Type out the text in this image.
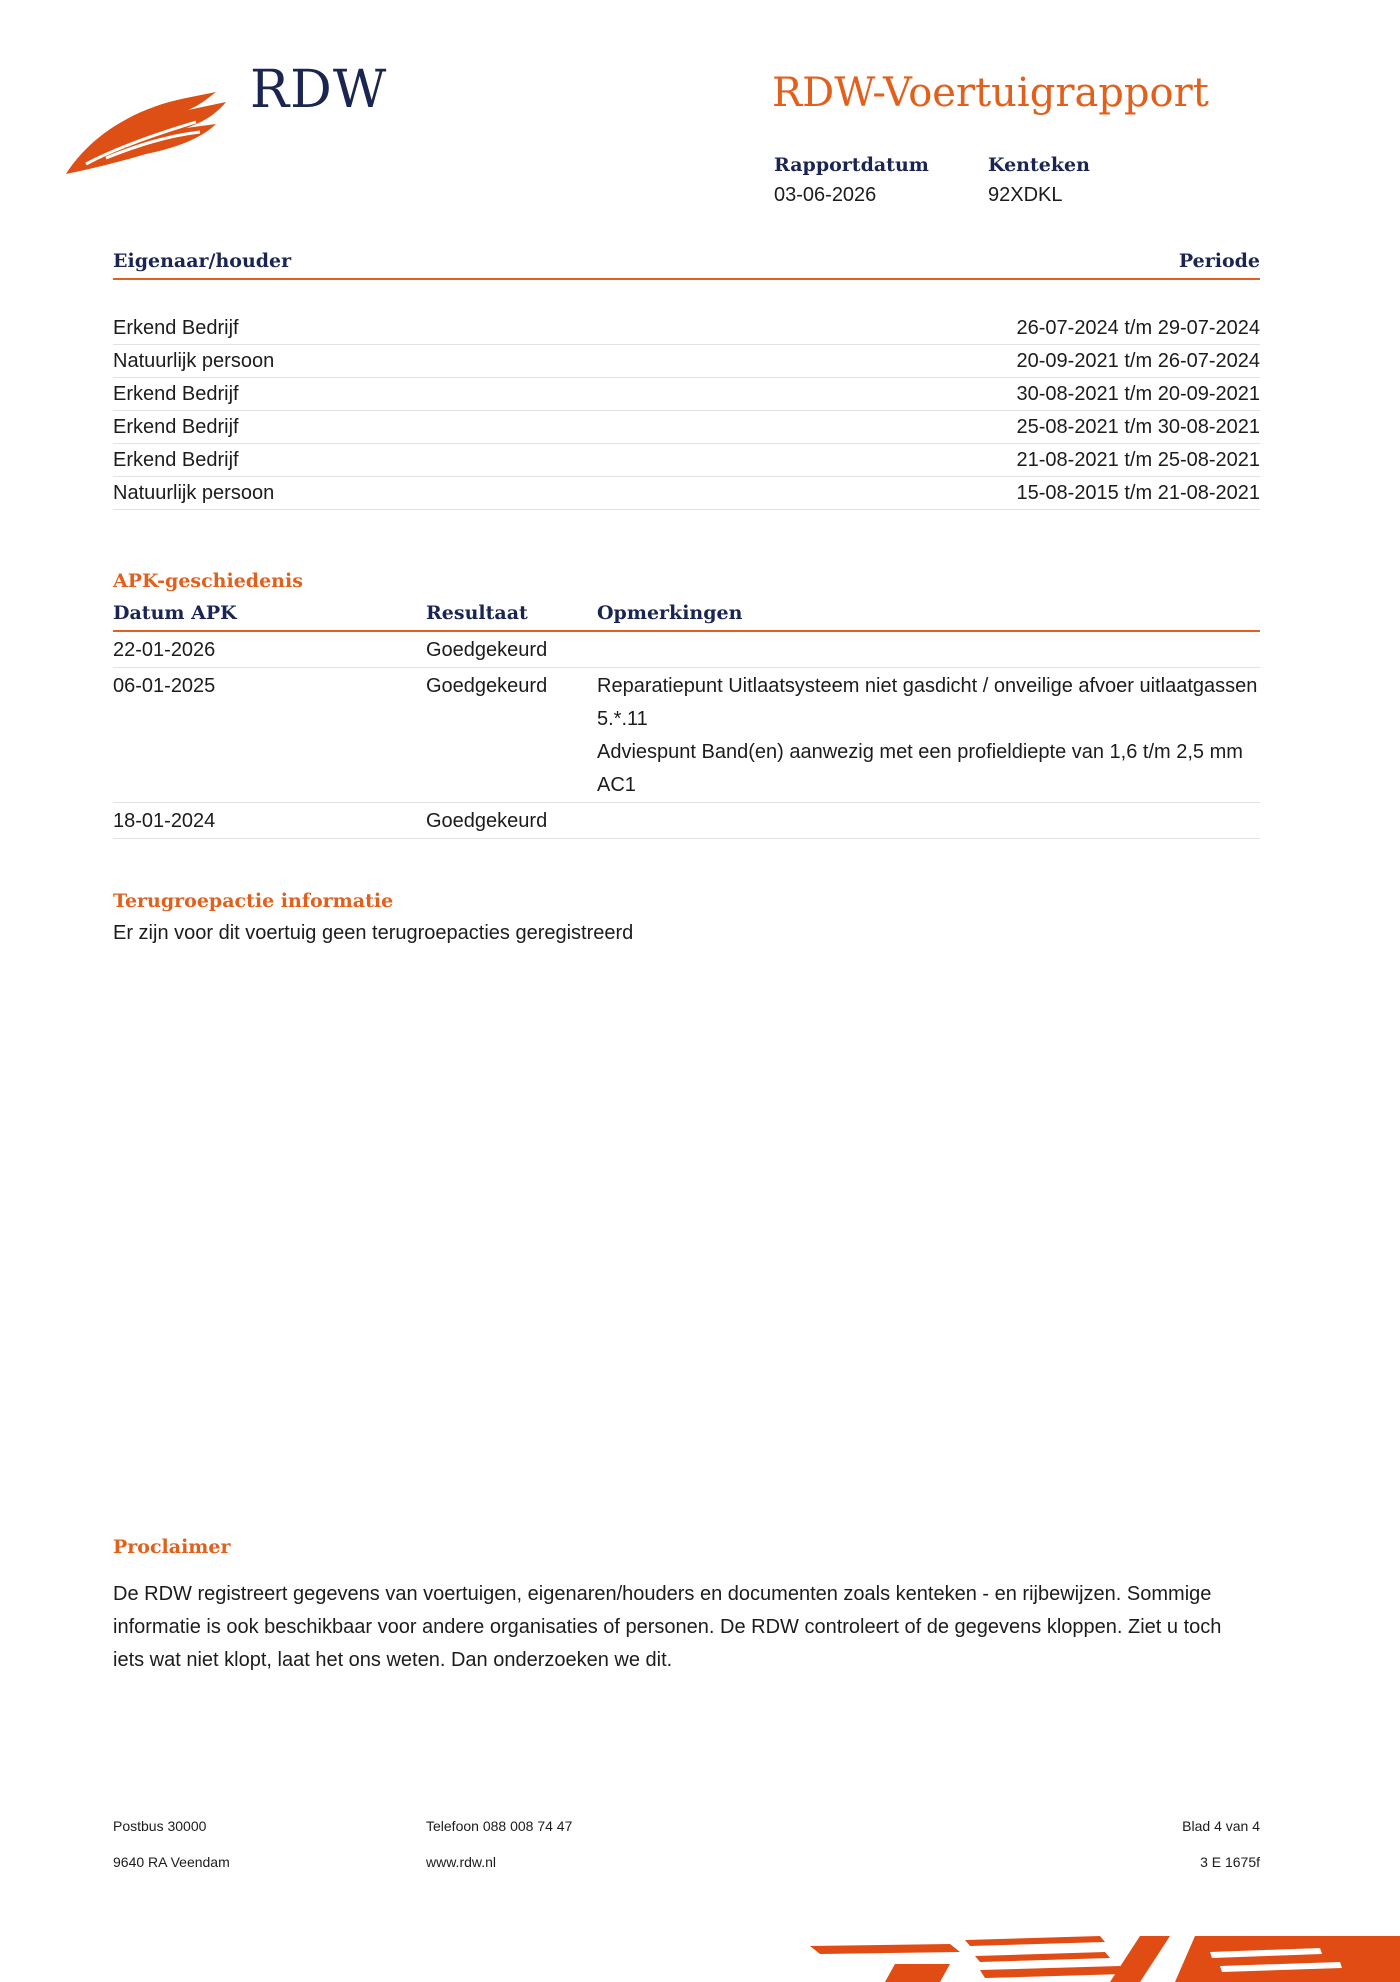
RDW	RDW-Voertuigrapport
Rapportdatum
03-06-2026
Kenteken
92XDKL
Eigenaar/houder	Periode
Erkend Bedrijf	26-07-2024 t/m 29-07-2024
Natuurlijk persoon	20-09-2021 t/m 26-07-2024
Erkend Bedrijf	30-08-2021 t/m 20-09-2021
Erkend Bedrijf	25-08-2021 t/m 30-08-2021
Erkend Bedrijf	21-08-2021 t/m 25-08-2021
Natuurlijk persoon	15-08-2015 t/m 21-08-2021
APK-geschiedenis
Datum APK	Resultaat	Opmerkingen
22-01-2026	Goedgekeurd
06-01-2025	Goedgekeurd	Reparatiepunt Uitlaatsysteem niet gasdicht / onveilige afvoer uitlaatgassen 5.*.11
Adviespunt Band(en) aanwezig met een profieldiepte van 1,6 t/m 2,5 mm AC1
18-01-2024	Goedgekeurd
Terugroepactie informatie
Er zijn voor dit voertuig geen terugroepacties geregistreerd
Proclaimer
De RDW registreert gegevens van voertuigen, eigenaren/houders en documenten zoals kenteken - en rijbewijzen. Sommige informatie is ook beschikbaar voor andere organisaties of personen. De RDW controleert of de gegevens kloppen. Ziet u toch iets wat niet klopt, laat het ons weten. Dan onderzoeken we dit.
Postbus 30000
9640 RA Veendam
Telefoon 088 008 74 47
www.rdw.nl
Blad 4 van 4
3 E 1675f
